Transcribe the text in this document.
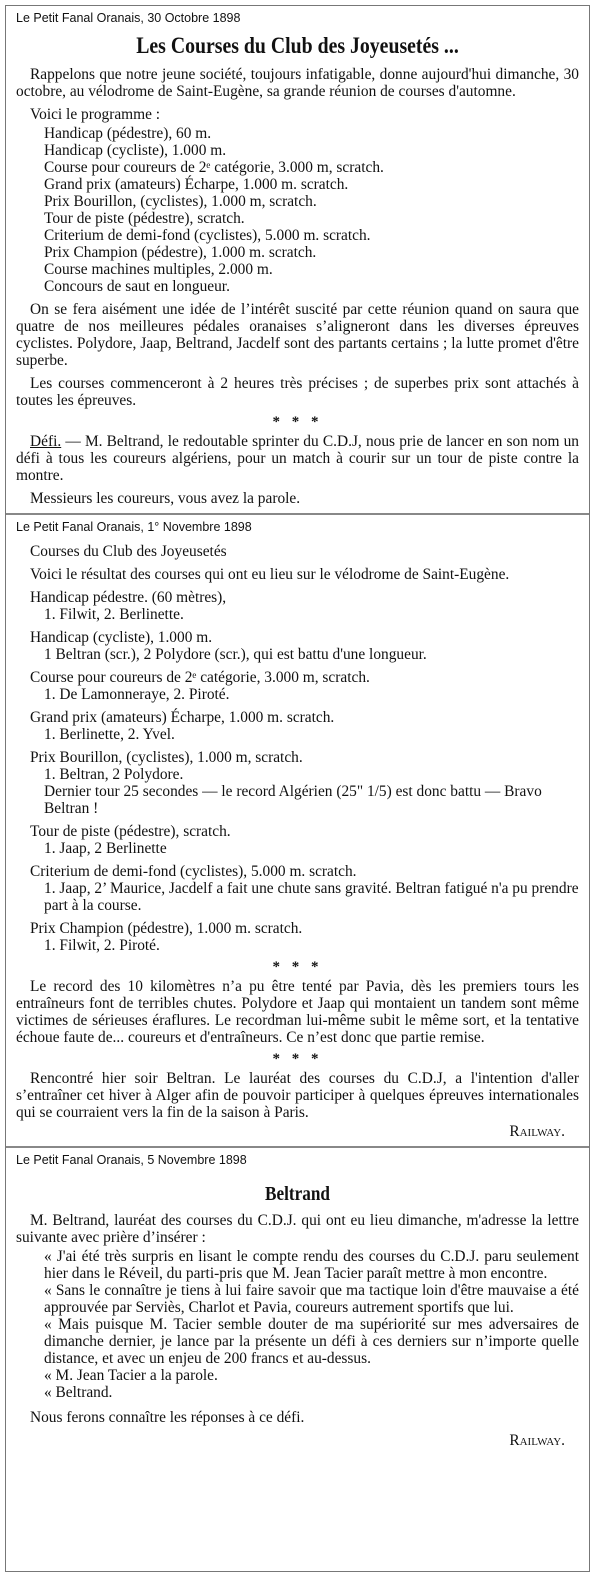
Le Petit Fanal Oranais, 30 Octobre 1898
Les Courses du Club des Joyeusetés ...

Rappelons que notre jeune société, toujours infatigable, donne aujourd'hui dimanche, 30 octobre, au vélodrome de Saint-Eugène, sa grande réunion de courses d'automne.

Voici le programme :
Handicap (pédestre), 60 m.
Handicap (cycliste), 1.000 m.
Course pour coureurs de 2ᵉ catégorie, 3.000 m, scratch.
Grand prix (amateurs) Écharpe, 1.000 m. scratch.
Prix Bourillon, (cyclistes), 1.000 m, scratch.
Tour de piste (pédestre), scratch.
Criterium de demi-fond (cyclistes), 5.000 m. scratch.
Prix Champion (pédestre), 1.000 m. scratch.
Course machines multiples, 2.000 m.
Concours de saut en longueur.

On se fera aisément une idée de l’intérêt suscité par cette réunion quand on saura que quatre de nos meilleures pédales oranaises s’aligneront dans les diverses épreuves cyclistes. Polydore, Jaap, Beltrand, Jacdelf sont des partants certains ; la lutte promet d'être superbe.

Les courses commenceront à 2 heures très précises ; de superbes prix sont attachés à toutes les épreuves.

* * *

Défi. — M. Beltrand, le redoutable sprinter du C.D.J, nous prie de lancer en son nom un défi à tous les coureurs algériens, pour un match à courir sur un tour de piste contre la montre.

Messieurs les coureurs, vous avez la parole.

Le Petit Fanal Oranais, 1° Novembre 1898
Courses du Club des Joyeusetés
Voici le résultat des courses qui ont eu lieu sur le vélodrome de Saint-Eugène.
Handicap pédestre. (60 mètres),
1. Filwit, 2. Berlinette.
Handicap (cycliste), 1.000 m.
1 Beltran (scr.), 2 Polydore (scr.), qui est battu d'une longueur.
Course pour coureurs de 2ᵉ catégorie, 3.000 m, scratch.
1. De Lamonneraye, 2. Piroté.
Grand prix (amateurs) Écharpe, 1.000 m. scratch.
1. Berlinette, 2. Yvel.
Prix Bourillon, (cyclistes), 1.000 m, scratch.
1. Beltran, 2 Polydore.
Dernier tour 25 secondes — le record Algérien (25" 1/5) est donc battu — Bravo Beltran !
Tour de piste (pédestre), scratch.
1. Jaap, 2 Berlinette
Criterium de demi-fond (cyclistes), 5.000 m. scratch.
1. Jaap, 2’ Maurice, Jacdelf a fait une chute sans gravité. Beltran fatigué n'a pu prendre part à la course.
Prix Champion (pédestre), 1.000 m. scratch.
1. Filwit, 2. Piroté.
* * *

Le record des 10 kilomètres n’a pu être tenté par Pavia, dès les premiers tours les entraîneurs font de terribles chutes. Polydore et Jaap qui montaient un tandem sont même victimes de sérieuses éraflures. Le recordman lui-même subit le même sort, et la tentative échoue faute de... coureurs et d'entraîneurs. Ce n’est donc que partie remise.

* * *

Rencontré hier soir Beltran. Le lauréat des courses du C.D.J, a l'intention d'aller s’entraîner cet hiver à Alger afin de pouvoir participer à quelques épreuves internationales qui se courraient vers la fin de la saison à Paris.

Railway.
Le Petit Fanal Oranais, 5 Novembre 1898
Beltrand

M. Beltrand, lauréat des courses du C.D.J. qui ont eu lieu dimanche, m'adresse la lettre suivante avec prière d’insérer :

« J'ai été très surpris en lisant le compte rendu des courses du C.D.J. paru seulement hier dans le Réveil, du parti-pris que M. Jean Tacier paraît mettre à mon encontre.
« Sans le connaître je tiens à lui faire savoir que ma tactique loin d'être mauvaise a été approuvée par Serviès, Charlot et Pavia, coureurs autrement sportifs que lui.
« Mais puisque M. Tacier semble douter de ma supériorité sur mes adversaires de dimanche dernier, je lance par la présente un défi à ces derniers sur n’importe quelle distance, et avec un enjeu de 200 francs et au-dessus.
« M. Jean Tacier a la parole.
« Beltrand.

Nous ferons connaître les réponses à ce défi.

Railway.
